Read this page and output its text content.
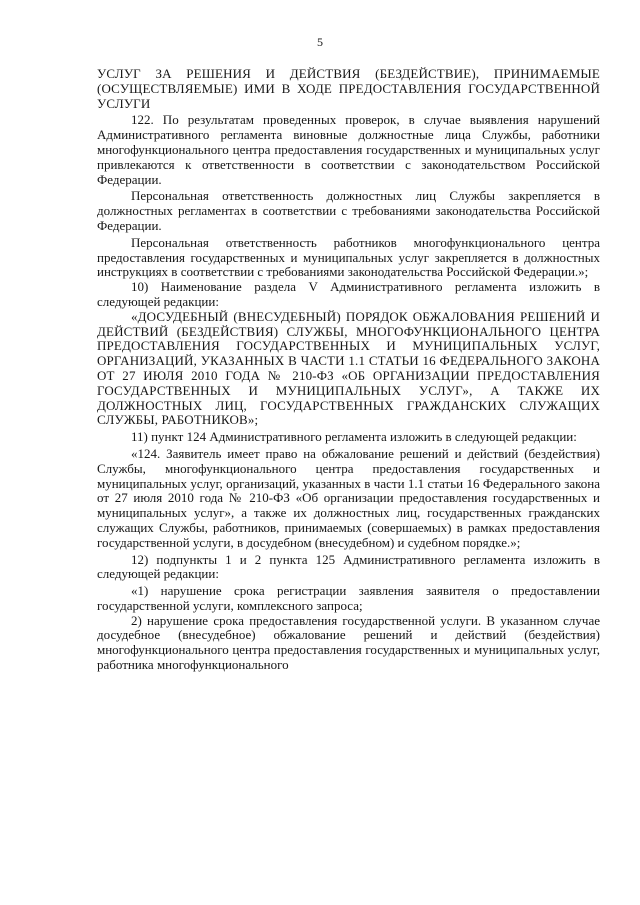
5

УСЛУГ ЗА РЕШЕНИЯ И ДЕЙСТВИЯ (БЕЗДЕЙСТВИЕ), ПРИНИМАЕМЫЕ (ОСУЩЕСТВЛЯЕМЫЕ) ИМИ В ХОДЕ ПРЕДОСТАВЛЕНИЯ ГОСУДАРСТВЕННОЙ УСЛУГИ

122. По результатам проведенных проверок, в случае выявления нарушений Административного регламента виновные должностные лица Службы, работники многофункционального центра предоставления государственных и муниципальных услуг привлекаются к ответственности в соответствии с законодательством Российской Федерации.

Персональная ответственность должностных лиц Службы закрепляется в должностных регламентах в соответствии с требованиями законодательства Российской Федерации.

Персональная ответственность работников многофункционального центра предоставления государственных и муниципальных услуг закрепляется в должностных инструкциях в соответствии с требованиями законодательства Российской Федерации.»;

10) Наименование раздела V Административного регламента изложить в следующей редакции:

«ДОСУДЕБНЫЙ (ВНЕСУДЕБНЫЙ) ПОРЯДОК ОБЖАЛОВАНИЯ РЕШЕНИЙ И ДЕЙСТВИЙ (БЕЗДЕЙСТВИЯ) СЛУЖБЫ, МНОГОФУНКЦИОНАЛЬНОГО ЦЕНТРА ПРЕДОСТАВЛЕНИЯ ГОСУДАРСТВЕННЫХ И МУНИЦИПАЛЬНЫХ УСЛУГ, ОРГАНИЗАЦИЙ, УКАЗАННЫХ В ЧАСТИ 1.1 СТАТЬИ 16 ФЕДЕРАЛЬНОГО ЗАКОНА ОТ 27 ИЮЛЯ 2010 ГОДА № 210-ФЗ «ОБ ОРГАНИЗАЦИИ ПРЕДОСТАВЛЕНИЯ ГОСУДАРСТВЕННЫХ И МУНИЦИПАЛЬНЫХ УСЛУГ», А ТАКЖЕ ИХ ДОЛЖНОСТНЫХ ЛИЦ, ГОСУДАРСТВЕННЫХ ГРАЖДАНСКИХ СЛУЖАЩИХ СЛУЖБЫ, РАБОТНИКОВ»;

11) пункт 124 Административного регламента изложить в следующей редакции:

«124. Заявитель имеет право на обжалование решений и действий (бездействия) Службы, многофункционального центра предоставления государственных и муниципальных услуг, организаций, указанных в части 1.1 статьи 16 Федерального закона от 27 июля 2010 года № 210-ФЗ «Об организации предоставления государственных и муниципальных услуг», а также их должностных лиц, государственных гражданских служащих Службы, работников, принимаемых (совершаемых) в рамках предоставления государственной услуги, в досудебном (внесудебном) и судебном порядке.»;

12) подпункты 1 и 2 пункта 125 Административного регламента изложить в следующей редакции:

«1) нарушение срока регистрации заявления заявителя о предоставлении государственной услуги, комплексного запроса;

2) нарушение срока предоставления государственной услуги. В указанном случае досудебное (внесудебное) обжалование решений и действий (бездействия) многофункционального центра предоставления государственных и муниципальных услуг, работника многофункционального
